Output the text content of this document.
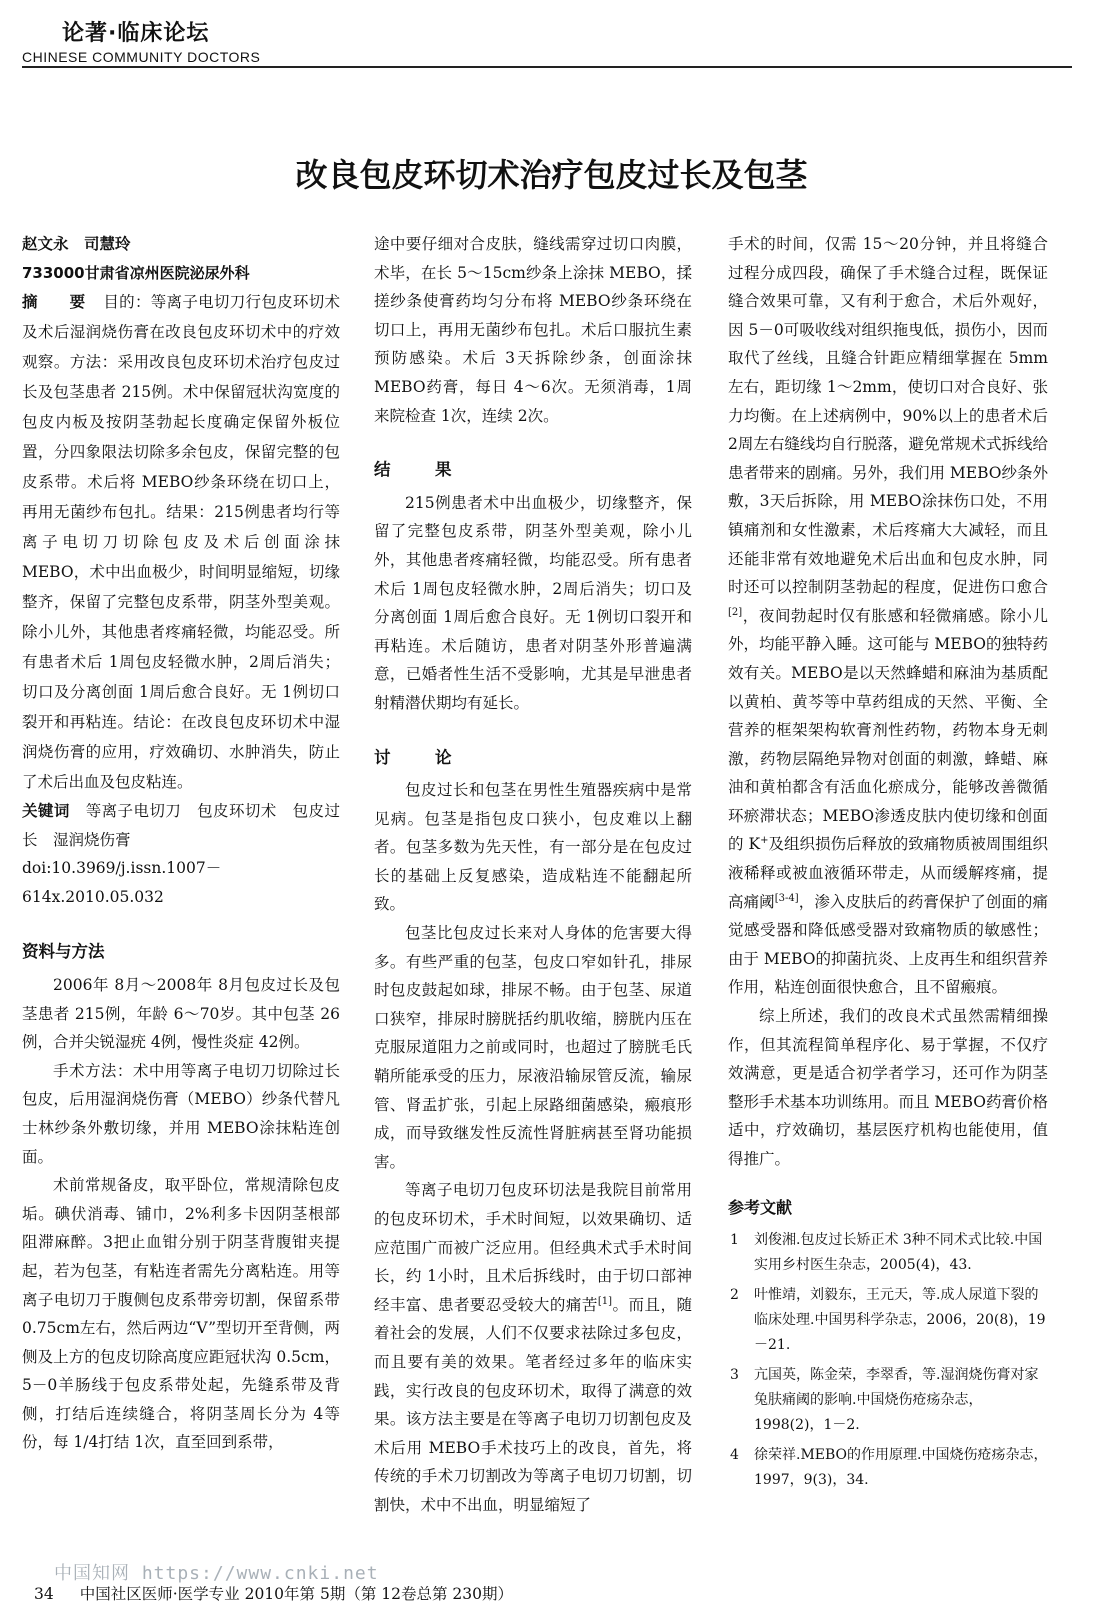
论著·临床论坛
CHINESE COMMUNITY DOCTORS
改良包皮环切术治疗包皮过长及包茎

赵文永　司慧玲

733000甘肃省凉州医院泌尿外科

摘　要 目的：等离子电切刀行包皮环切术及术后湿润烧伤膏在改良包皮环切术中的疗效观察。方法：采用改良包皮环切术治疗包皮过长及包茎患者 215例。术中保留冠状沟宽度的包皮内板及按阴茎勃起长度确定保留外板位置，分四象限法切除多余包皮，保留完整的包皮系带。术后将 MEBO纱条环绕在切口上，再用无菌纱布包扎。结果：215例患者均行等离子电切刀切除包皮及术后创面涂抹 MEBO，术中出血极少，时间明显缩短，切缘整齐，保留了完整包皮系带，阴茎外型美观。除小儿外，其他患者疼痛轻微，均能忍受。所有患者术后 1周包皮轻微水肿，2周后消失；切口及分离创面 1周后愈合良好。无 1例切口裂开和再粘连。结论：在改良包皮环切术中湿润烧伤膏的应用，疗效确切、水肿消失，防止了术后出血及包皮粘连。

关键词　 等离子电切刀　包皮环切术　包皮过长　湿润烧伤膏

doi:10.3969/j.issn.1007－614x.2010.05.032

资料与方法

2006年 8月～2008年 8月包皮过长及包茎患者 215例，年龄 6～70岁。其中包茎 26例，合并尖锐湿疣 4例，慢性炎症 42例。

手术方法：术中用等离子电切刀切除过长包皮，后用湿润烧伤膏（MEBO）纱条代替凡士林纱条外敷切缘，并用 MEBO涂抹粘连创面。

术前常规备皮，取平卧位，常规清除包皮垢。碘伏消毒、铺巾，2%利多卡因阴茎根部阻滞麻醉。3把止血钳分别于阴茎背腹钳夹提起，若为包茎，有粘连者需先分离粘连。用等离子电切刀于腹侧包皮系带旁切割，保留系带 0.75cm左右，然后两边“V”型切开至背侧，两侧及上方的包皮切除高度应距冠状沟 0.5cm，5－0羊肠线于包皮系带处起，先缝系带及背侧，打结后连续缝合，将阴茎周长分为 4等份，每 1/4打结 1次，直至回到系带，

途中要仔细对合皮肤，缝线需穿过切口肉膜，术毕，在长 5～15cm纱条上涂抹 MEBO，揉搓纱条使膏药均匀分布将 MEBO纱条环绕在切口上，再用无菌纱布包扎。术后口服抗生素预防感染。术后 3天拆除纱条，创面涂抹 MEBO药膏，每日 4～6次。无须消毒，1周来院检查 1次，连续 2次。

结　果

215例患者术中出血极少，切缘整齐，保留了完整包皮系带，阴茎外型美观，除小儿外，其他患者疼痛轻微，均能忍受。所有患者术后 1周包皮轻微水肿，2周后消失；切口及分离创面 1周后愈合良好。无 1例切口裂开和再粘连。术后随访，患者对阴茎外形普遍满意，已婚者性生活不受影响，尤其是早泄患者射精潜伏期均有延长。

讨　论

包皮过长和包茎在男性生殖器疾病中是常见病。包茎是指包皮口狭小，包皮难以上翻者。包茎多数为先天性，有一部分是在包皮过长的基础上反复感染，造成粘连不能翻起所致。

包茎比包皮过长来对人身体的危害要大得多。有些严重的包茎，包皮口窄如针孔，排尿时包皮鼓起如球，排尿不畅。由于包茎、尿道口狭窄，排尿时膀胱括约肌收缩，膀胱内压在克服尿道阻力之前或同时，也超过了膀胱毛氏鞘所能承受的压力，尿液沿输尿管反流，输尿管、肾盂扩张，引起上尿路细菌感染，瘢痕形成，而导致继发性反流性肾脏病甚至肾功能损害。

等离子电切刀包皮环切法是我院目前常用的包皮环切术，手术时间短，以效果确切、适应范围广而被广泛应用。但经典术式手术时间长，约 1小时，且术后拆线时，由于切口部神经丰富、患者要忍受较大的痛苦[1]。而且，随着社会的发展，人们不仅要求祛除过多包皮，而且要有美的效果。笔者经过多年的临床实践，实行改良的包皮环切术，取得了满意的效果。该方法主要是在等离子电切刀切割包皮及术后用 MEBO手术技巧上的改良，首先，将传统的手术刀切割改为等离子电切刀切割，切割快，术中不出血，明显缩短了

手术的时间，仅需 15～20分钟，并且将缝合过程分成四段，确保了手术缝合过程，既保证缝合效果可靠，又有利于愈合，术后外观好，因 5－0可吸收线对组织拖曳低，损伤小，因而取代了丝线，且缝合针距应精细掌握在 5mm左右，距切缘 1～2mm，使切口对合良好、张力均衡。在上述病例中，90%以上的患者术后 2周左右缝线均自行脱落，避免常规术式拆线给患者带来的剧痛。另外，我们用 MEBO纱条外敷，3天后拆除，用 MEBO涂抹伤口处，不用镇痛剂和女性激素，术后疼痛大大减轻，而且还能非常有效地避免术后出血和包皮水肿，同时还可以控制阴茎勃起的程度，促进伤口愈合[2]，夜间勃起时仅有胀感和轻微痛感。除小儿外，均能平静入睡。这可能与 MEBO的独特药效有关。MEBO是以天然蜂蜡和麻油为基质配以黄柏、黄芩等中草药组成的天然、平衡、全营养的框架架构软膏剂性药物，药物本身无刺激，药物层隔绝异物对创面的刺激，蜂蜡、麻油和黄柏都含有活血化瘀成分，能够改善微循环瘀滞状态；MEBO渗透皮肤内使切缘和创面的 K+及组织损伤后释放的致痛物质被周围组织液稀释或被血液循环带走，从而缓解疼痛，提高痛阈[3-4]，渗入皮肤后的药膏保护了创面的痛觉感受器和降低感受器对致痛物质的敏感性；由于 MEBO的抑菌抗炎、上皮再生和组织营养作用，粘连创面很快愈合，且不留瘢痕。

综上所述，我们的改良术式虽然需精细操作，但其流程简单程序化、易于掌握，不仅疗效满意，更是适合初学者学习，还可作为阴茎整形手术基本功训练用。而且 MEBO药膏价格适中，疗效确切，基层医疗机构也能使用，值得推广。

参考文献
1 刘俊湘.包皮过长矫正术 3种不同术式比较.中国实用乡村医生杂志，2005(4)，43.
2 叶惟靖，刘毅东，王元天，等.成人尿道下裂的临床处理.中国男科学杂志，2006，20(8)，19－21.
3 亢国英，陈金荣，李翠香，等.湿润烧伤膏对家兔肤痛阈的影响.中国烧伤疮疡杂志，1998(2)，1－2.
4 徐荣祥.MEBO的作用原理.中国烧伤疮疡杂志，1997，9(3)，34.
中国知网 https://www.cnki.net
34 中国社区医师·医学专业 2010年第 5期（第 12卷总第 230期）
